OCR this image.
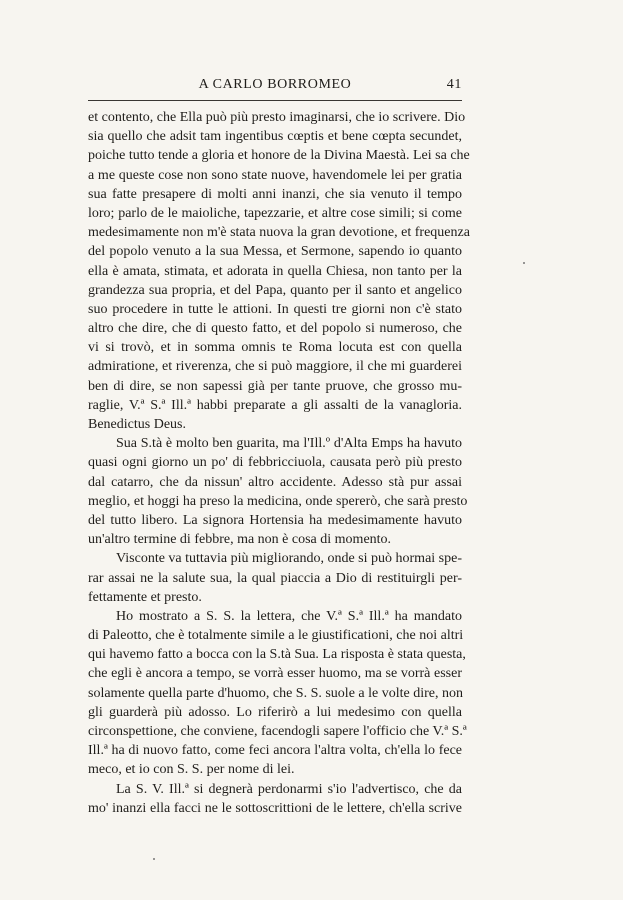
A CARLO BORROMEO	41
et contento, che Ella può più presto imaginarsi, che io scrivere. Dio
sia quello che adsit tam ingentibus cœptis et bene cœpta secundet,
poiche tutto tende a gloria et honore de la Divina Maestà. Lei sa che
a me queste cose non sono state nuove, havendomele lei per gratia
sua fatte presapere di molti anni inanzi, che sia venuto il tempo
loro; parlo de le maioliche, tapezzarie, et altre cose simili; si come
medesimamente non m'è stata nuova la gran devotione, et frequenza
del popolo venuto a la sua Messa, et Sermone, sapendo io quanto
ella è amata, stimata, et adorata in quella Chiesa, non tanto per la
grandezza sua propria, et del Papa, quanto per il santo et angelico
suo procedere in tutte le attioni. In questi tre giorni non c'è stato
altro che dire, che di questo fatto, et del popolo si numeroso, che
vi si trovò, et in somma omnis te Roma locuta est con quella
admiratione, et riverenza, che si può maggiore, il che mi guarderei
ben di dire, se non sapessi già per tante pruove, che grosso mu-
raglie, V.ª S.ª Ill.ª habbi preparate a gli assalti de la vanagloria.
Benedictus Deus.
Sua S.tà è molto ben guarita, ma l'Ill.º d'Alta Emps ha havuto
quasi ogni giorno un po' di febbricciuola, causata però più presto
dal catarro, che da nissun' altro accidente. Adesso stà pur assai
meglio, et hoggi ha preso la medicina, onde spererò, che sarà presto
del tutto libero. La signora Hortensia ha medesimamente havuto
un'altro termine di febbre, ma non è cosa di momento.
Visconte va tuttavia più migliorando, onde si può hormai spe-
rar assai ne la salute sua, la qual piaccia a Dio di restituirgli per-
fettamente et presto.
Ho mostrato a S. S. la lettera, che V.ª S.ª Ill.ª ha mandato
di Paleotto, che è totalmente simile a le giustificationi, che noi altri
qui havemo fatto a bocca con la S.tà Sua. La risposta è stata questa,
che egli è ancora a tempo, se vorrà esser huomo, ma se vorrà esser
solamente quella parte d'huomo, che S. S. suole a le volte dire, non
gli guarderà più adosso. Lo riferirò a lui medesimo con quella
circonspettione, che conviene, facendogli sapere l'officio che V.ª S.ª
Ill.ª ha di nuovo fatto, come feci ancora l'altra volta, ch'ella lo fece
meco, et io con S. S. per nome di lei.
La S. V. Ill.ª si degnerà perdonarmi s'io l'advertisco, che da
mo' inanzi ella facci ne le sottoscrittioni de le lettere, ch'ella scrive
